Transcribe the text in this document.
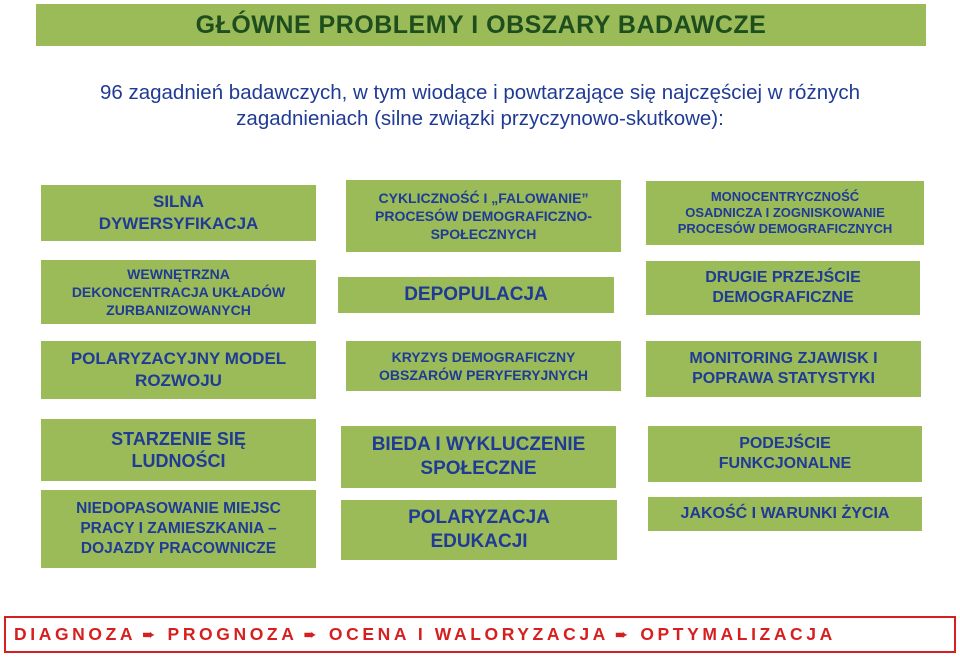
GŁÓWNE PROBLEMY I OBSZARY BADAWCZE
96 zagadnień badawczych, w tym wiodące i powtarzające się najczęściej w różnych
zagadnieniach (silne związki przyczynowo-skutkowe):
SILNA
DYWERSYFIKACJA
WEWNĘTRZNA
DEKONCENTRACJA UKŁADÓW
ZURBANIZOWANYCH
POLARYZACYJNY MODEL
ROZWOJU
STARZENIE SIĘ
LUDNOŚCI
NIEDOPASOWANIE MIEJSC
PRACY I ZAMIESZKANIA –
DOJAZDY PRACOWNICZE
CYKLICZNOŚĆ I „FALOWANIE”
PROCESÓW DEMOGRAFICZNO-
SPOŁECZNYCH
DEPOPULACJA
KRYZYS DEMOGRAFICZNY
OBSZARÓW PERYFERYJNYCH
BIEDA I WYKLUCZENIE
SPOŁECZNE
POLARYZACJA
EDUKACJI
MONOCENTRYCZNOŚĆ
OSADNICZA I ZOGNISKOWANIE
PROCESÓW DEMOGRAFICZNYCH
DRUGIE PRZEJŚCIE
DEMOGRAFICZNE
MONITORING ZJAWISK I
POPRAWA STATYSTYKI
PODEJŚCIE
FUNKCJONALNE
JAKOŚĆ I WARUNKI ŻYCIA
DIAGNOZA ➨ PROGNOZA ➨ OCENA I WALORYZACJA ➨ OPTYMALIZACJA
